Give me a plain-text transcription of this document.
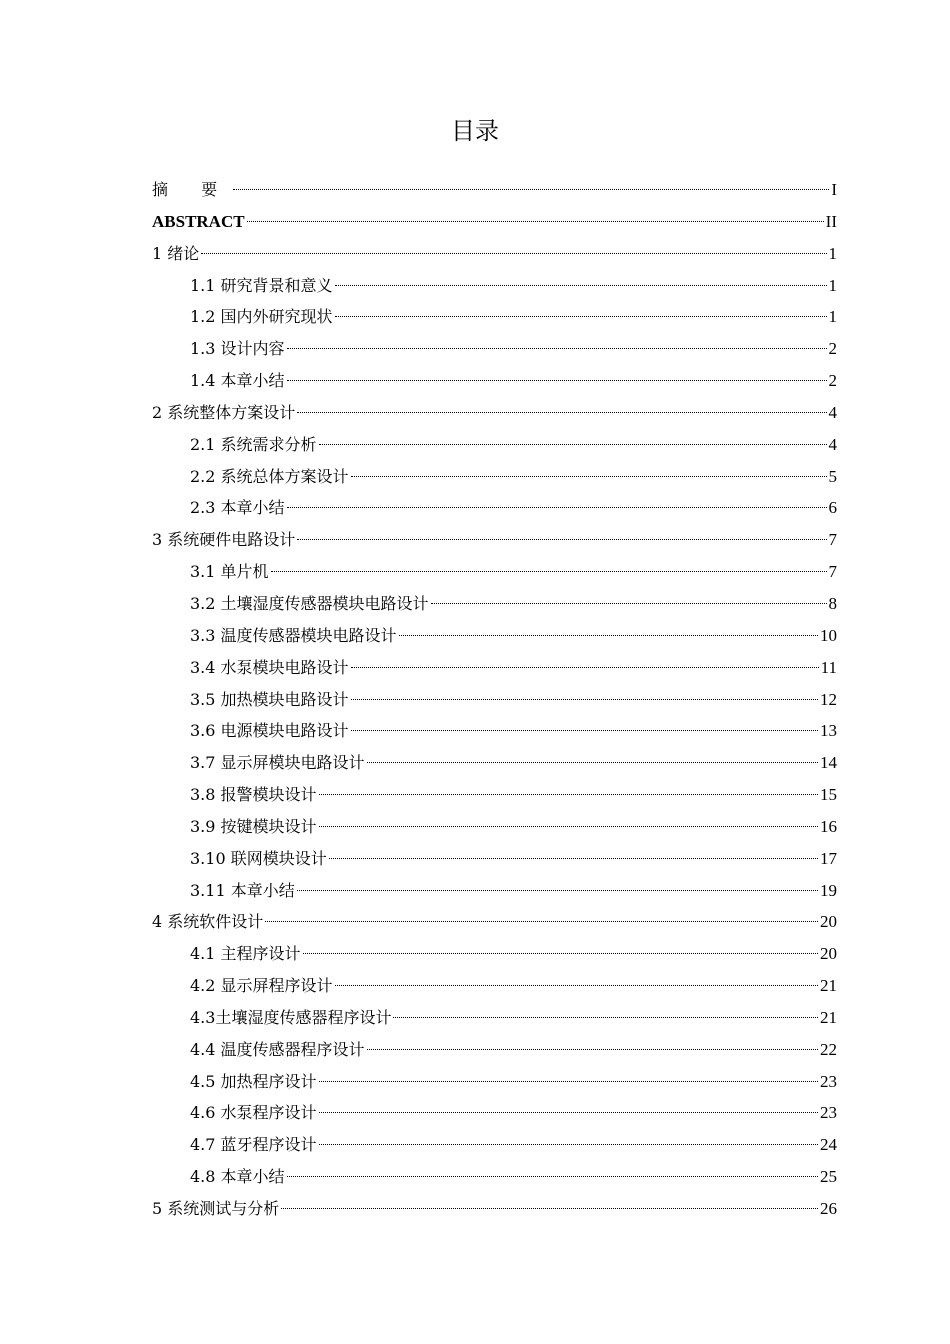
目录
摘 要	I
ABSTRACT	II
1 绪论	1
1.1 研究背景和意义	1
1.2 国内外研究现状	1
1.3 设计内容	2
1.4 本章小结	2
2 系统整体方案设计	4
2.1 系统需求分析	4
2.2 系统总体方案设计	5
2.3 本章小结	6
3 系统硬件电路设计	7
3.1 单片机	7
3.2 土壤湿度传感器模块电路设计	8
3.3 温度传感器模块电路设计	10
3.4 水泵模块电路设计	11
3.5 加热模块电路设计	12
3.6 电源模块电路设计	13
3.7 显示屏模块电路设计	14
3.8 报警模块设计	15
3.9 按键模块设计	16
3.10 联网模块设计	17
3.11 本章小结	19
4 系统软件设计	20
4.1 主程序设计	20
4.2 显示屏程序设计	21
4.3土壤湿度传感器程序设计	21
4.4 温度传感器程序设计	22
4.5 加热程序设计	23
4.6 水泵程序设计	23
4.7 蓝牙程序设计	24
4.8 本章小结	25
5 系统测试与分析	26
